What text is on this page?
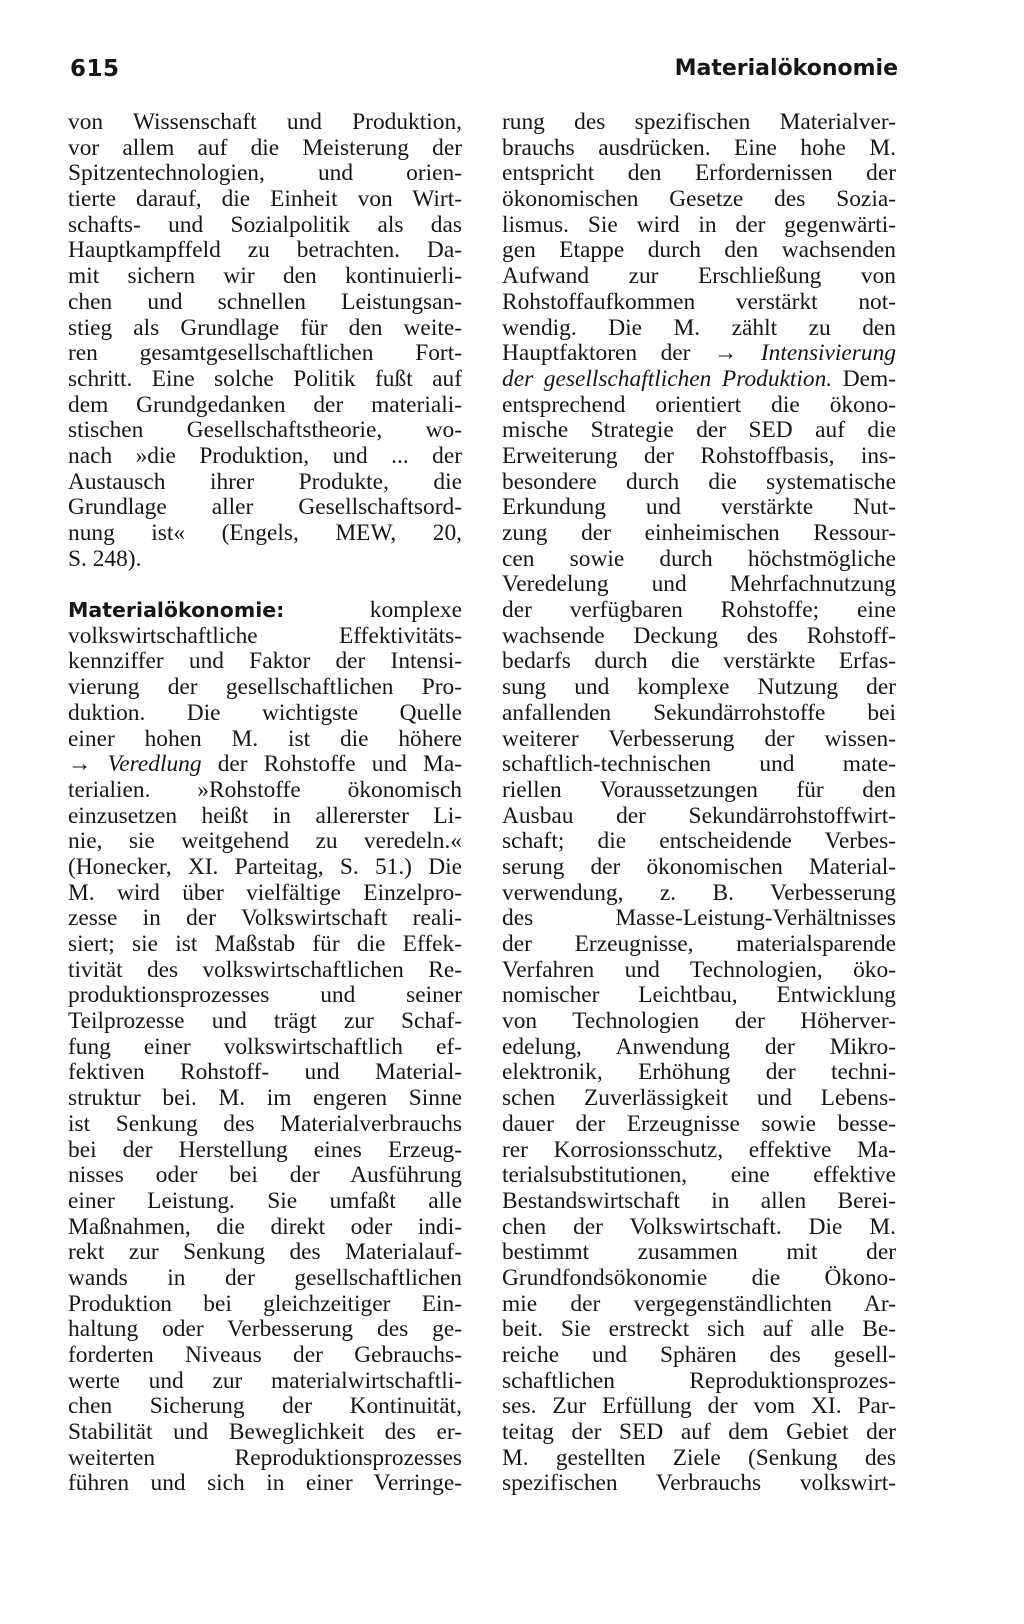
615	Materialökonomie
von Wissenschaft und Produktion,
vor allem auf die Meisterung der
Spitzentechnologien, und orien-
tierte darauf, die Einheit von Wirt-
schafts- und Sozialpolitik als das
Hauptkampffeld zu betrachten. Da-
mit sichern wir den kontinuierli-
chen und schnellen Leistungsan-
stieg als Grundlage für den weite-
ren gesamtgesellschaftlichen Fort-
schritt. Eine solche Politik fußt auf
dem Grundgedanken der materiali-
stischen Gesellschaftstheorie, wo-
nach »die Produktion, und ... der
Austausch ihrer Produkte, die
Grundlage aller Gesellschaftsord-
nung ist« (Engels, MEW, 20,
S. 248).
Materialökonomie:	komplexe
volkswirtschaftliche Effektivitäts-
kennziffer und Faktor der Intensi-
vierung der gesellschaftlichen Pro-
duktion. Die wichtigste Quelle
einer hohen M. ist die höhere
→ Veredlung der Rohstoffe und Ma-
terialien. »Rohstoffe ökonomisch
einzusetzen heißt in allererster Li-
nie, sie weitgehend zu veredeln.«
(Honecker, XI. Parteitag, S. 51.) Die
M. wird über vielfältige Einzelpro-
zesse in der Volkswirtschaft reali-
siert; sie ist Maßstab für die Effek-
tivität des volkswirtschaftlichen Re-
produktionsprozesses und seiner
Teilprozesse und trägt zur Schaf-
fung einer volkswirtschaftlich ef-
fektiven Rohstoff- und Material-
struktur bei. M. im engeren Sinne
ist Senkung des Materialverbrauchs
bei der Herstellung eines Erzeug-
nisses oder bei der Ausführung
einer Leistung. Sie umfaßt alle
Maßnahmen, die direkt oder indi-
rekt zur Senkung des Materialauf-
wands in der gesellschaftlichen
Produktion bei gleichzeitiger Ein-
haltung oder Verbesserung des ge-
forderten Niveaus der Gebrauchs-
werte und zur materialwirtschaftli-
chen Sicherung der Kontinuität,
Stabilität und Beweglichkeit des er-
weiterten Reproduktionsprozesses
führen und sich in einer Verringe-
rung des spezifischen Materialver-
brauchs ausdrücken. Eine hohe M.
entspricht den Erfordernissen der
ökonomischen Gesetze des Sozia-
lismus. Sie wird in der gegenwärti-
gen Etappe durch den wachsenden
Aufwand zur Erschließung von
Rohstoffaufkommen verstärkt not-
wendig. Die M. zählt zu den
Hauptfaktoren der → Intensivierung
der gesellschaftlichen Produktion. Dem-
entsprechend orientiert die ökono-
mische Strategie der SED auf die
Erweiterung der Rohstoffbasis, ins-
besondere durch die systematische
Erkundung und verstärkte Nut-
zung der einheimischen Ressour-
cen sowie durch höchstmögliche
Veredelung und Mehrfachnutzung
der verfügbaren Rohstoffe; eine
wachsende Deckung des Rohstoff-
bedarfs durch die verstärkte Erfas-
sung und komplexe Nutzung der
anfallenden Sekundärrohstoffe bei
weiterer Verbesserung der wissen-
schaftlich-technischen und mate-
riellen Voraussetzungen für den
Ausbau der Sekundärrohstoffwirt-
schaft; die entscheidende Verbes-
serung der ökonomischen Material-
verwendung, z. B. Verbesserung
des Masse-Leistung-Verhältnisses
der Erzeugnisse, materialsparende
Verfahren und Technologien, öko-
nomischer Leichtbau, Entwicklung
von Technologien der Höherver-
edelung, Anwendung der Mikro-
elektronik, Erhöhung der techni-
schen Zuverlässigkeit und Lebens-
dauer der Erzeugnisse sowie besse-
rer Korrosionsschutz, effektive Ma-
terialsubstitutionen, eine effektive
Bestandswirtschaft in allen Berei-
chen der Volkswirtschaft. Die M.
bestimmt zusammen mit der
Grundfondsökonomie die Ökono-
mie der vergegenständlichten Ar-
beit. Sie erstreckt sich auf alle Be-
reiche und Sphären des gesell-
schaftlichen Reproduktionsprozes-
ses. Zur Erfüllung der vom XI. Par-
teitag der SED auf dem Gebiet der
M. gestellten Ziele (Senkung des
spezifischen Verbrauchs volkswirt-
